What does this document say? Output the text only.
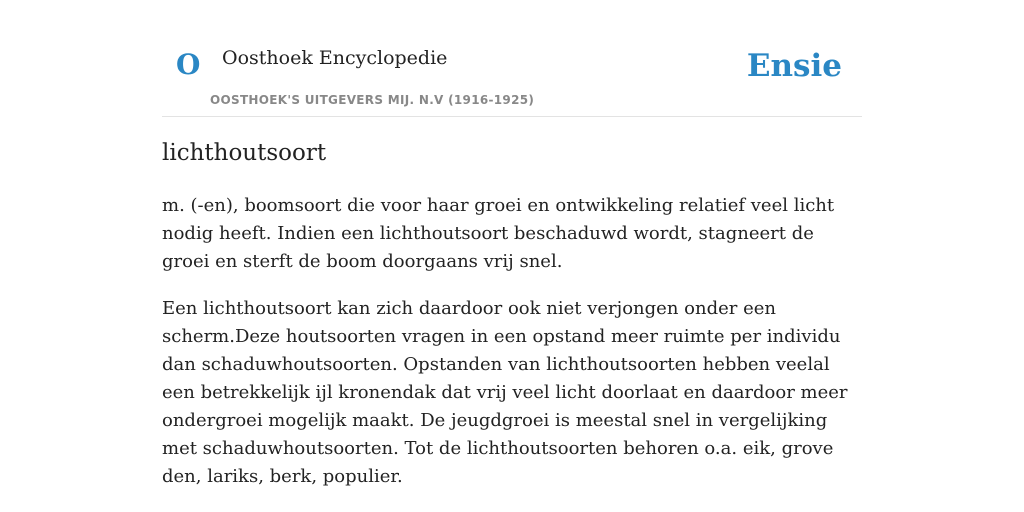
O Oosthoek Encyclopedie
OOSTHOEK'S UITGEVERS MIJ. N.V (1916-1925)
Ensie
lichthoutsoort

m. (-en), boomsoort die voor haar groei en ontwikkeling relatief veel licht nodig heeft. Indien een lichthoutsoort beschaduwd wordt, stagneert de groei en sterft de boom doorgaans vrij snel.

Een lichthoutsoort kan zich daardoor ook niet verjongen onder een scherm.Deze houtsoorten vragen in een opstand meer ruimte per individu dan schaduwhoutsoorten. Opstanden van lichthoutsoorten hebben veelal een betrekkelijk ijl kronendak dat vrij veel licht doorlaat en daardoor meer ondergroei mogelijk maakt. De jeugdgroei is meestal snel in vergelijking met schaduwhoutsoorten. Tot de lichthoutsoorten behoren o.a. eik, grove den, lariks, berk, populier.
